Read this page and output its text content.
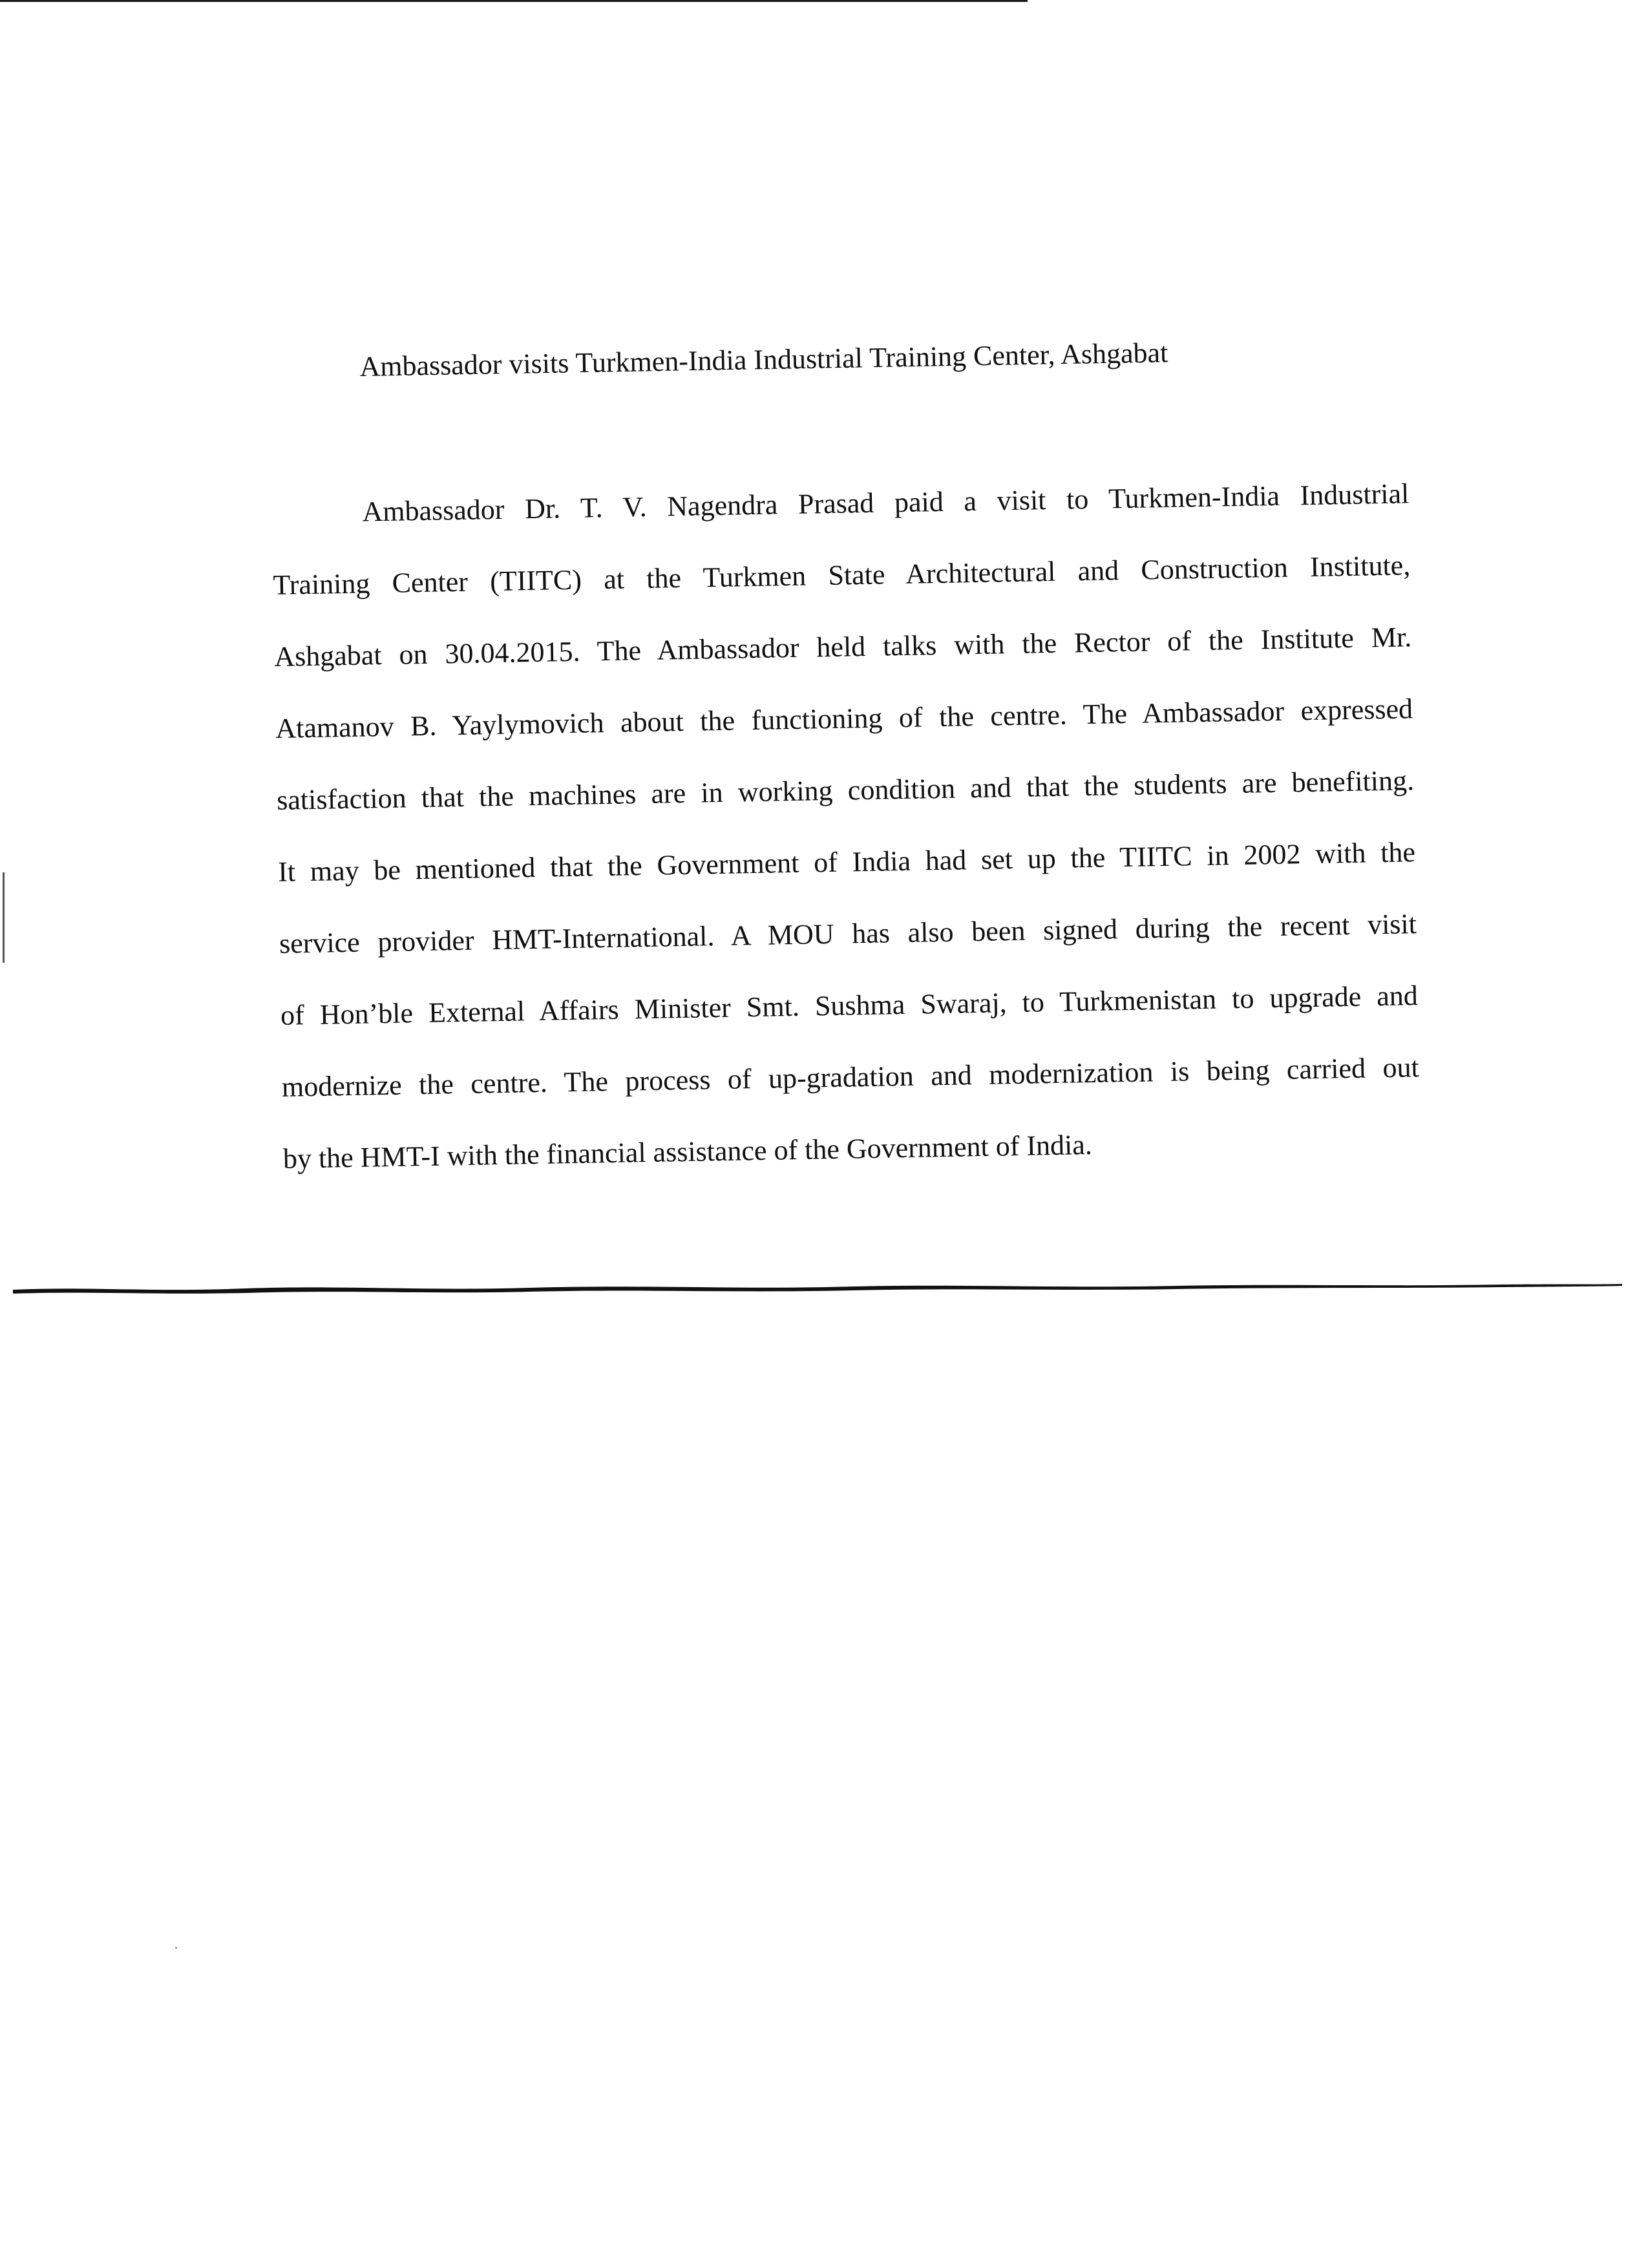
Ambassador visits Turkmen-India Industrial Training Center, Ashgabat
Ambassador Dr. T. V. Nagendra Prasad paid a visit to Turkmen-India Industrial
Training Center (TIITC) at the Turkmen State Architectural and Construction Institute,
Ashgabat on 30.04.2015. The Ambassador held talks with the Rector of the Institute Mr.
Atamanov B. Yaylymovich about the functioning of the centre. The Ambassador expressed
satisfaction that the machines are in working condition and that the students are benefiting.
It may be mentioned that the Government of India had set up the TIITC in 2002 with the
service provider HMT-International. A MOU has also been signed during the recent visit
of Hon’ble External Affairs Minister Smt. Sushma Swaraj, to Turkmenistan to upgrade and
modernize the centre. The process of up-gradation and modernization is being carried out
by the HMT-I with the financial assistance of the Government of India.
